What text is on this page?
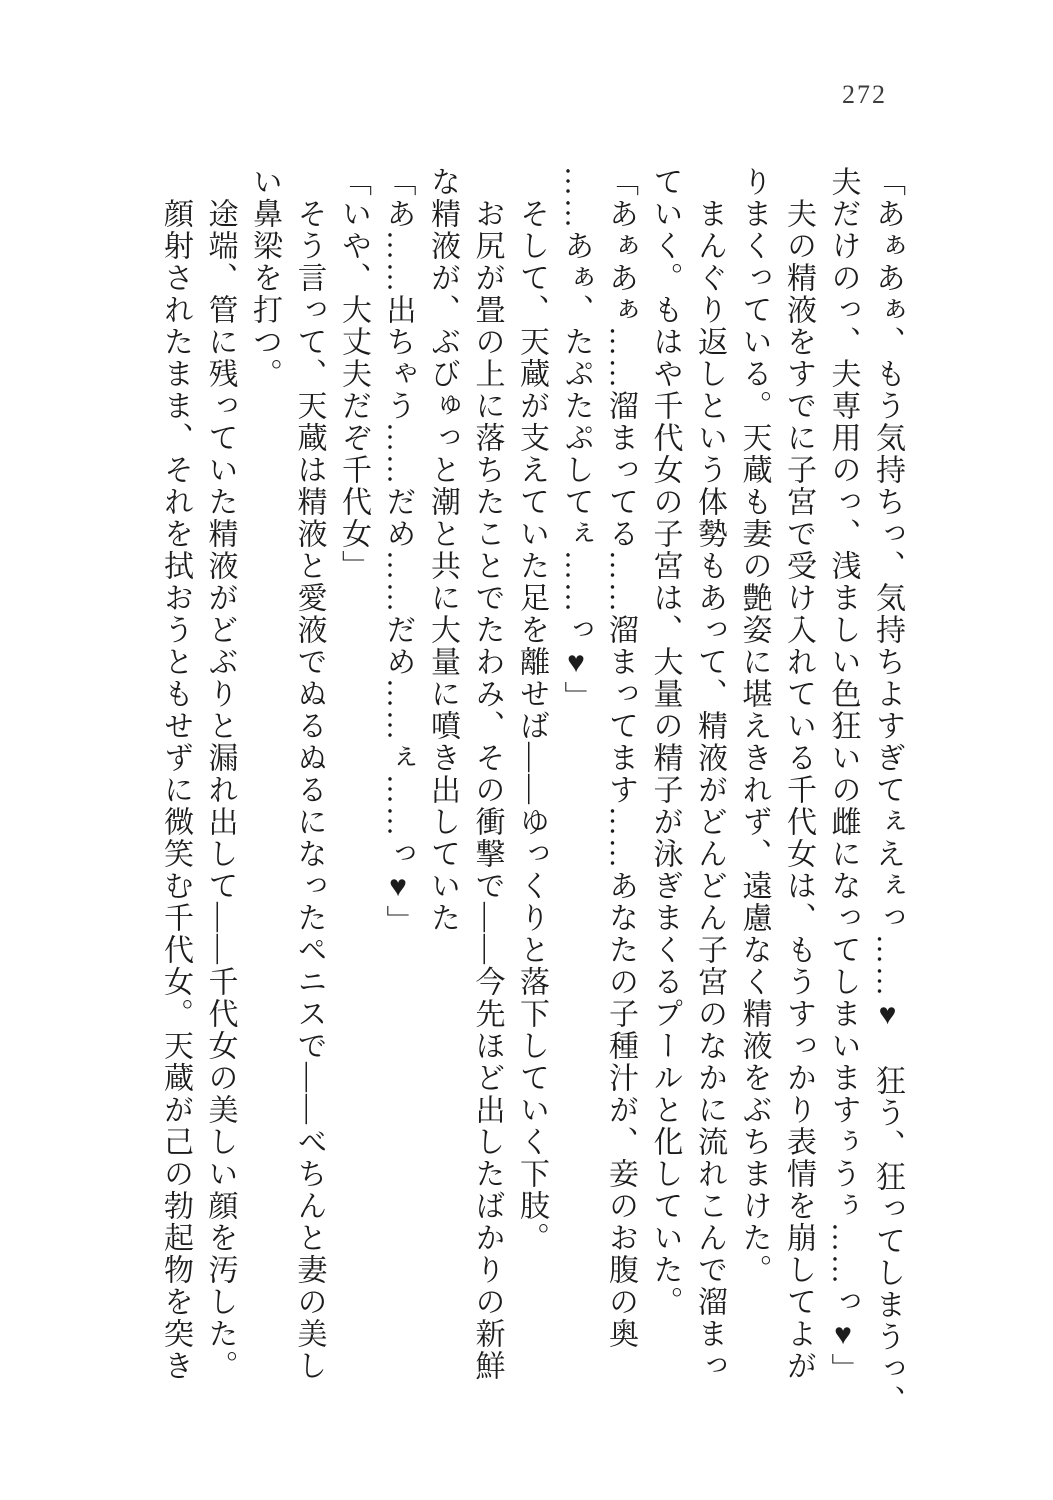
272

「あぁあぁ、もう気持ちっ、気持ちよすぎてぇえぇっ……♥　狂う、狂ってしまうっ、

夫だけのっ、夫専用のっ、浅ましい色狂いの雌になってしまいますぅうぅ……っ♥」

　夫の精液をすでに子宮で受け入れている千代女は、もうすっかり表情を崩してよが

りまくっている。天蔵も妻の艶姿に堪えきれず、遠慮なく精液をぶちまけた。

　まんぐり返しという体勢もあって、精液がどんどん子宮のなかに流れこんで溜まっ

ていく。もはや千代女の子宮は、大量の精子が泳ぎまくるプールと化していた。

「あぁあぁ……溜まってる……溜まってます……あなたの子種汁が、妾のお腹の奥

……あぁ、たぷたぷしてぇ……っ♥」

　そして、天蔵が支えていた足を離せば――ゆっくりと落下していく下肢。

　お尻が畳の上に落ちたことでたわみ、その衝撃で――今先ほど出したばかりの新鮮

な精液が、ぶびゅっと潮と共に大量に噴き出していた

「あ……出ちゃう……だめ……だめ……ぇ……っ♥」

「いや、大丈夫だぞ千代女」

　そう言って、天蔵は精液と愛液でぬるぬるになったペニスで――べちんと妻の美し

い鼻梁を打つ。

　途端、管に残っていた精液がどぶりと漏れ出して――千代女の美しい顔を汚した。

　顔射されたまま、それを拭おうともせずに微笑む千代女。天蔵が己の勃起物を突き
